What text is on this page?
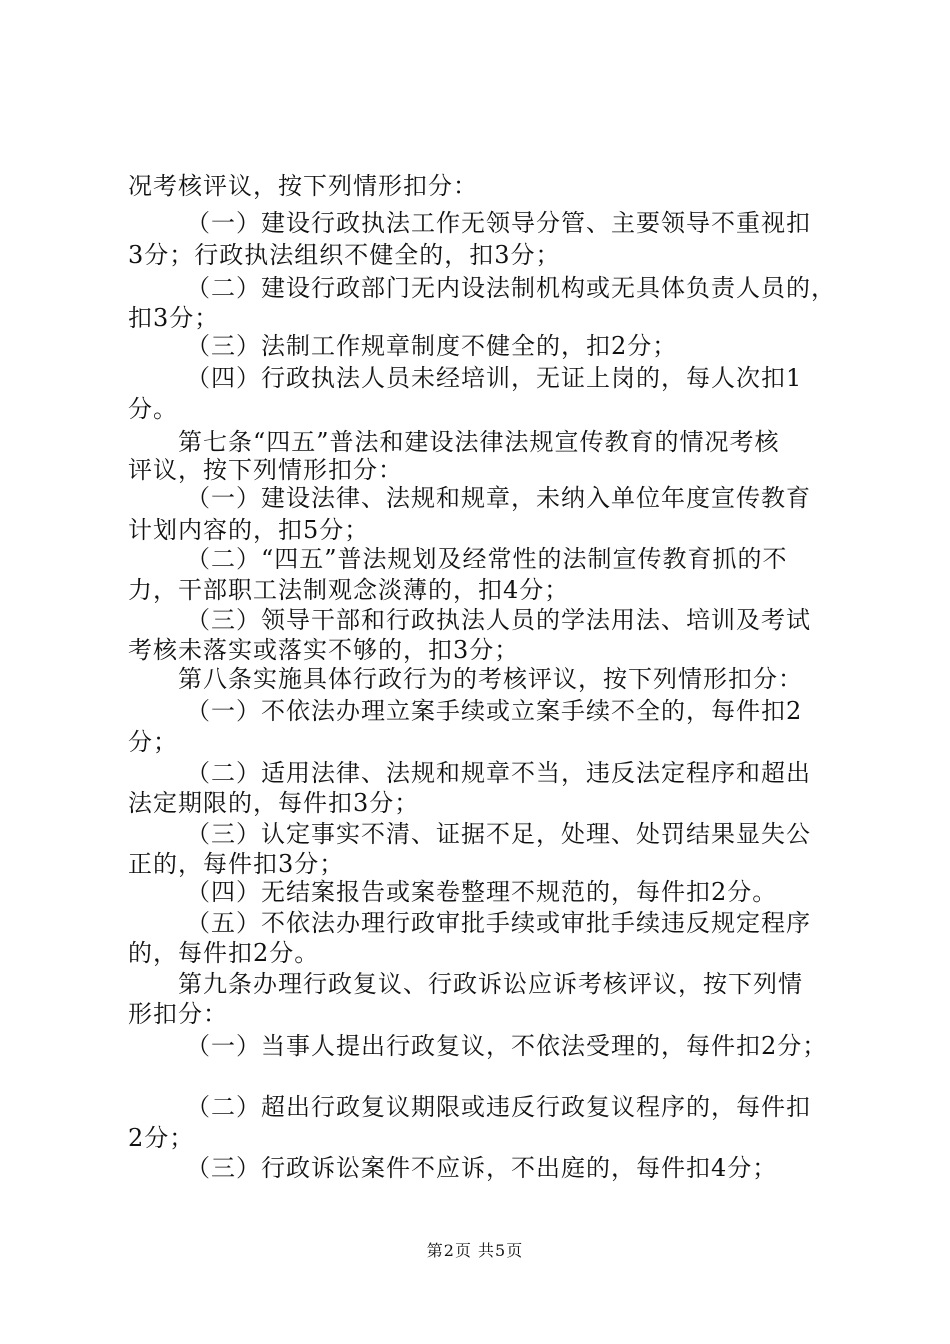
况考核评议，按下列情形扣分：
（一）建设行政执法工作无领导分管、主要领导不重视扣
3分；行政执法组织不健全的，扣3分；
（二）建设行政部门无内设法制机构或无具体负责人员的，
扣3分；
（三）法制工作规章制度不健全的，扣2分；
（四）行政执法人员未经培训，无证上岗的，每人次扣1
分。
第七条“四五”普法和建设法律法规宣传教育的情况考核
评议，按下列情形扣分：
（一）建设法律、法规和规章，未纳入单位年度宣传教育
计划内容的，扣5分；
（二）“四五”普法规划及经常性的法制宣传教育抓的不
力，干部职工法制观念淡薄的，扣4分；
（三）领导干部和行政执法人员的学法用法、培训及考试
考核未落实或落实不够的，扣3分；
第八条实施具体行政行为的考核评议，按下列情形扣分：
（一）不依法办理立案手续或立案手续不全的，每件扣2
分；
（二）适用法律、法规和规章不当，违反法定程序和超出
法定期限的，每件扣3分；
（三）认定事实不清、证据不足，处理、处罚结果显失公
正的，每件扣3分；
（四）无结案报告或案卷整理不规范的，每件扣2分。
（五）不依法办理行政审批手续或审批手续违反规定程序
的，每件扣2分。
第九条办理行政复议、行政诉讼应诉考核评议，按下列情
形扣分：
（一）当事人提出行政复议，不依法受理的，每件扣2分；
（二）超出行政复议期限或违反行政复议程序的，每件扣
2分；
（三）行政诉讼案件不应诉，不出庭的，每件扣4分；
第2页 共5页
